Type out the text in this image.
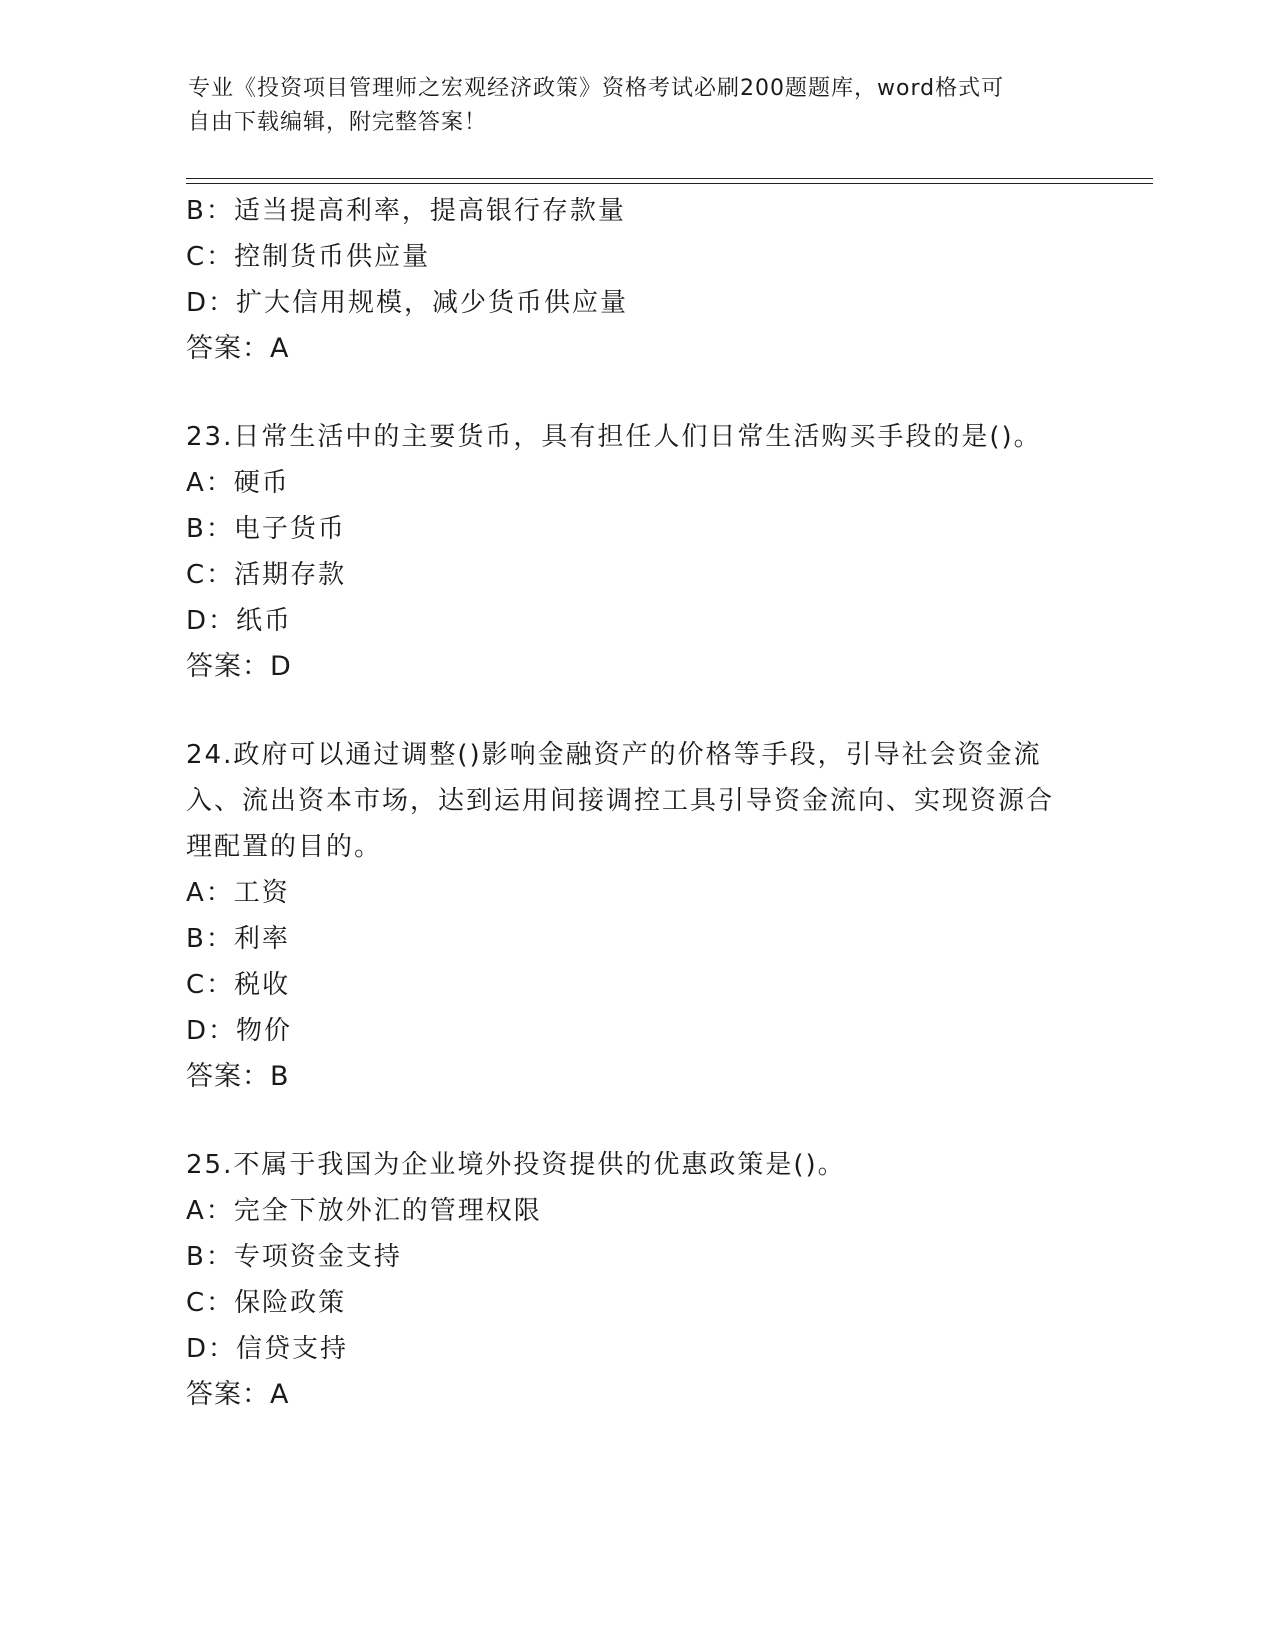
专业《投资项目管理师之宏观经济政策》资格考试必刷200题题库，word格式可
自由下载编辑，附完整答案！
B：适当提高利率，提高银行存款量
C：控制货币供应量
D：扩大信用规模，减少货币供应量
答案：A
23.日常生活中的主要货币，具有担任人们日常生活购买手段的是()。
A：硬币
B：电子货币
C：活期存款
D：纸币
答案：D
24.政府可以通过调整()影响金融资产的价格等手段，引导社会资金流入、流出资本市场，达到运用间接调控工具引导资金流向、实现资源合理配置的目的。
A：工资
B：利率
C：税收
D：物价
答案：B
25.不属于我国为企业境外投资提供的优惠政策是()。
A：完全下放外汇的管理权限
B：专项资金支持
C：保险政策
D：信贷支持
答案：A
